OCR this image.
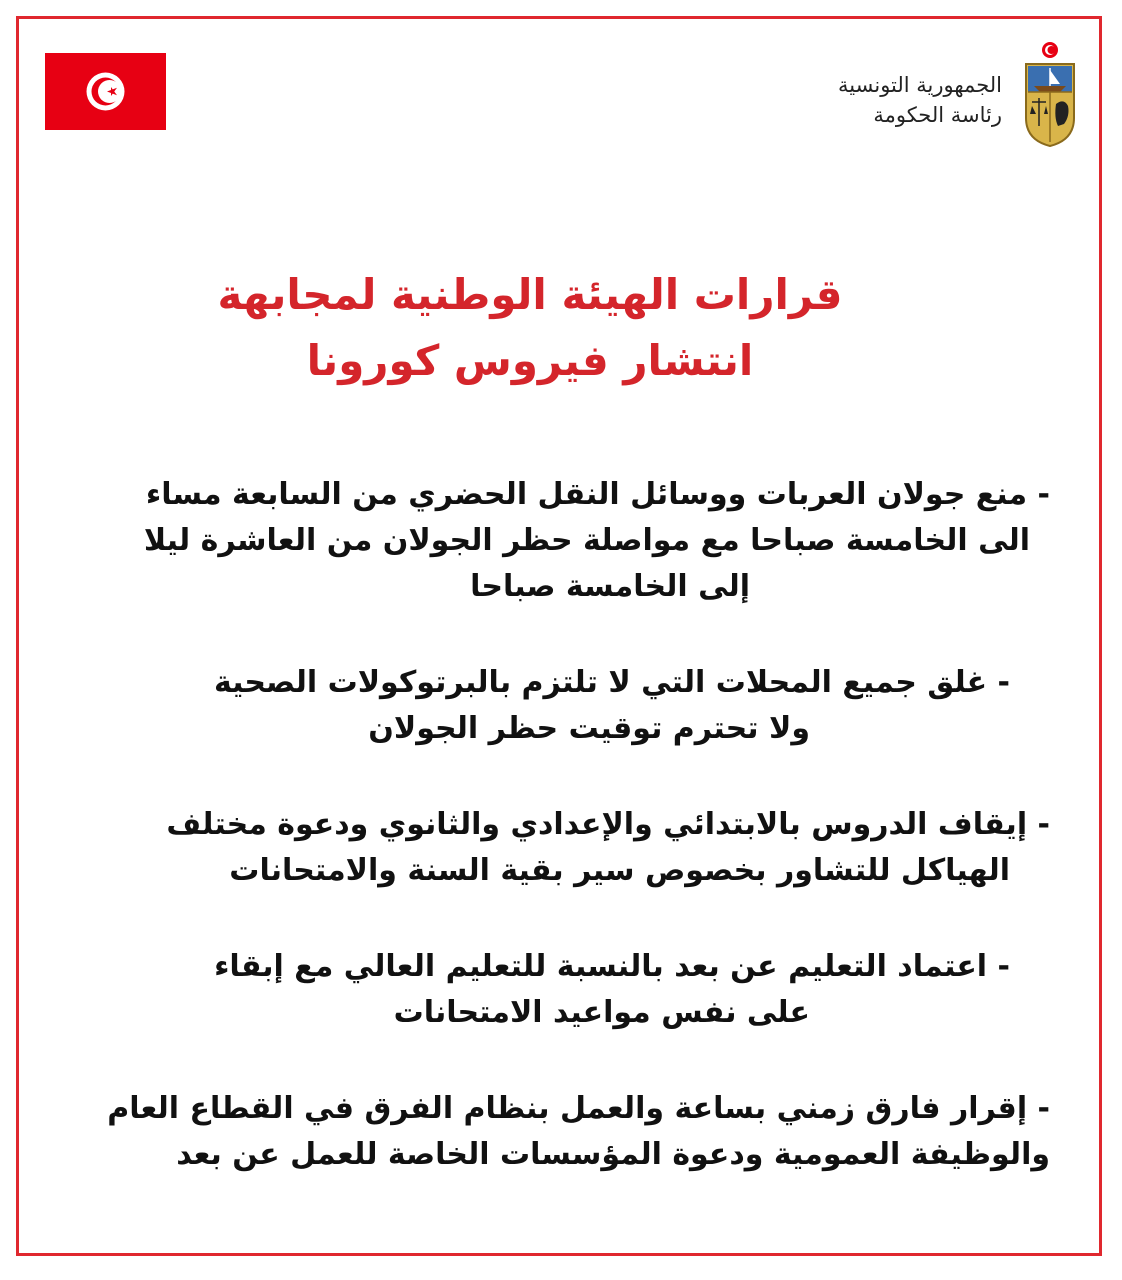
الجمهورية التونسية
رئاسة الحكومة
قرارات الهيئة الوطنية لمجابهة
انتشار فيروس كورونا
- منع جولان العربات ووسائل النقل الحضري من السابعة مساء
الى الخامسة صباحا مع مواصلة حظر الجولان من العاشرة ليلا
إلى الخامسة صباحا
- غلق جميع المحلات التي لا تلتزم بالبرتوكولات الصحية
ولا تحترم توقيت حظر الجولان
- إيقاف الدروس بالابتدائي والإعدادي والثانوي ودعوة مختلف
الهياكل للتشاور بخصوص سير بقية السنة والامتحانات
- اعتماد التعليم عن بعد بالنسبة للتعليم العالي مع إبقاء
على نفس مواعيد الامتحانات
- إقرار فارق زمني بساعة والعمل بنظام الفرق في القطاع العام
والوظيفة العمومية ودعوة المؤسسات الخاصة للعمل عن بعد
